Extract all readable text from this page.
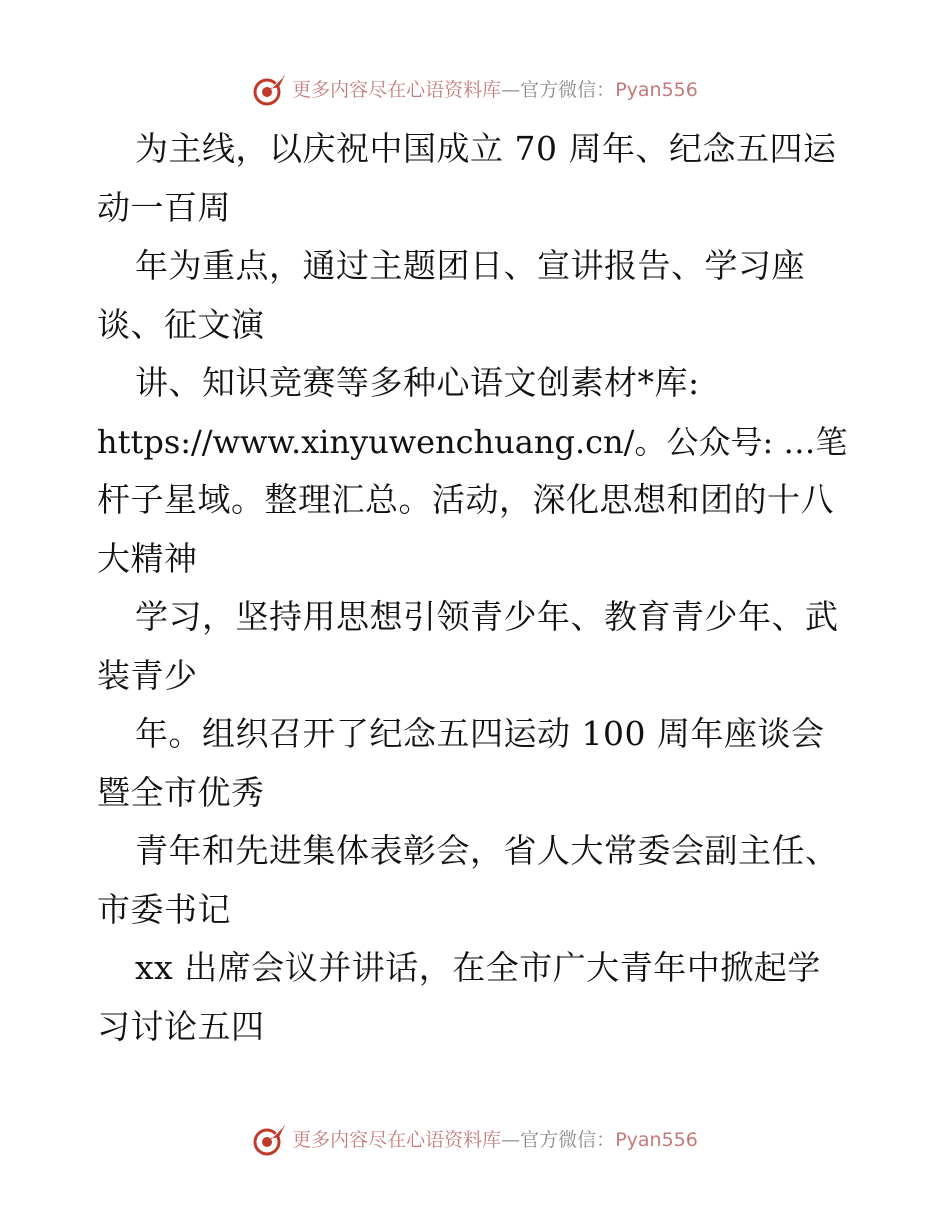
更多内容尽在心语资料库—官方微信：Pyan556
为主线，以庆祝中国成立 70 周年、纪念五四运
动一百周
年为重点，通过主题团日、宣讲报告、学习座
谈、征文演
讲、知识竞赛等多种心语文创素材*库:
https://www.xinyuwenchuang.cn/。公众号: …笔
杆子星域。整理汇总。活动，深化思想和团的十八
大精神
学习，坚持用思想引领青少年、教育青少年、武
装青少
年。组织召开了纪念五四运动 100 周年座谈会
暨全市优秀
青年和先进集体表彰会，省人大常委会副主任、
市委书记
xx 出席会议并讲话，在全市广大青年中掀起学
习讨论五四
更多内容尽在心语资料库—官方微信：Pyan556
